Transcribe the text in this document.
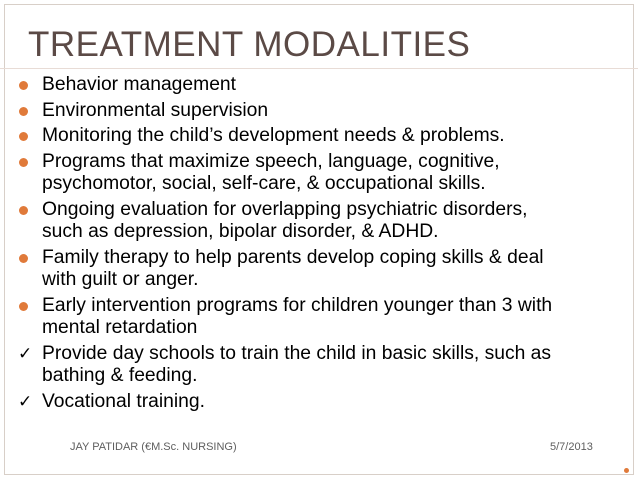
TREATMENT MODALITIES
Behavior management
Environmental supervision
Monitoring the child’s development needs & problems.
Programs that maximize speech, language, cognitive,
psychomotor, social, self-care, & occupational skills.
Ongoing evaluation for overlapping psychiatric disorders,
such as depression, bipolar disorder, & ADHD.
Family therapy to help parents develop coping skills & deal
with guilt or anger.
Early intervention programs for children younger than 3 with
mental retardation
✓ Provide day schools to train the child in basic skills, such as
bathing & feeding.
✓ Vocational training.
JAY PATIDAR (€M.Sc. NURSING)	5/7/2013
